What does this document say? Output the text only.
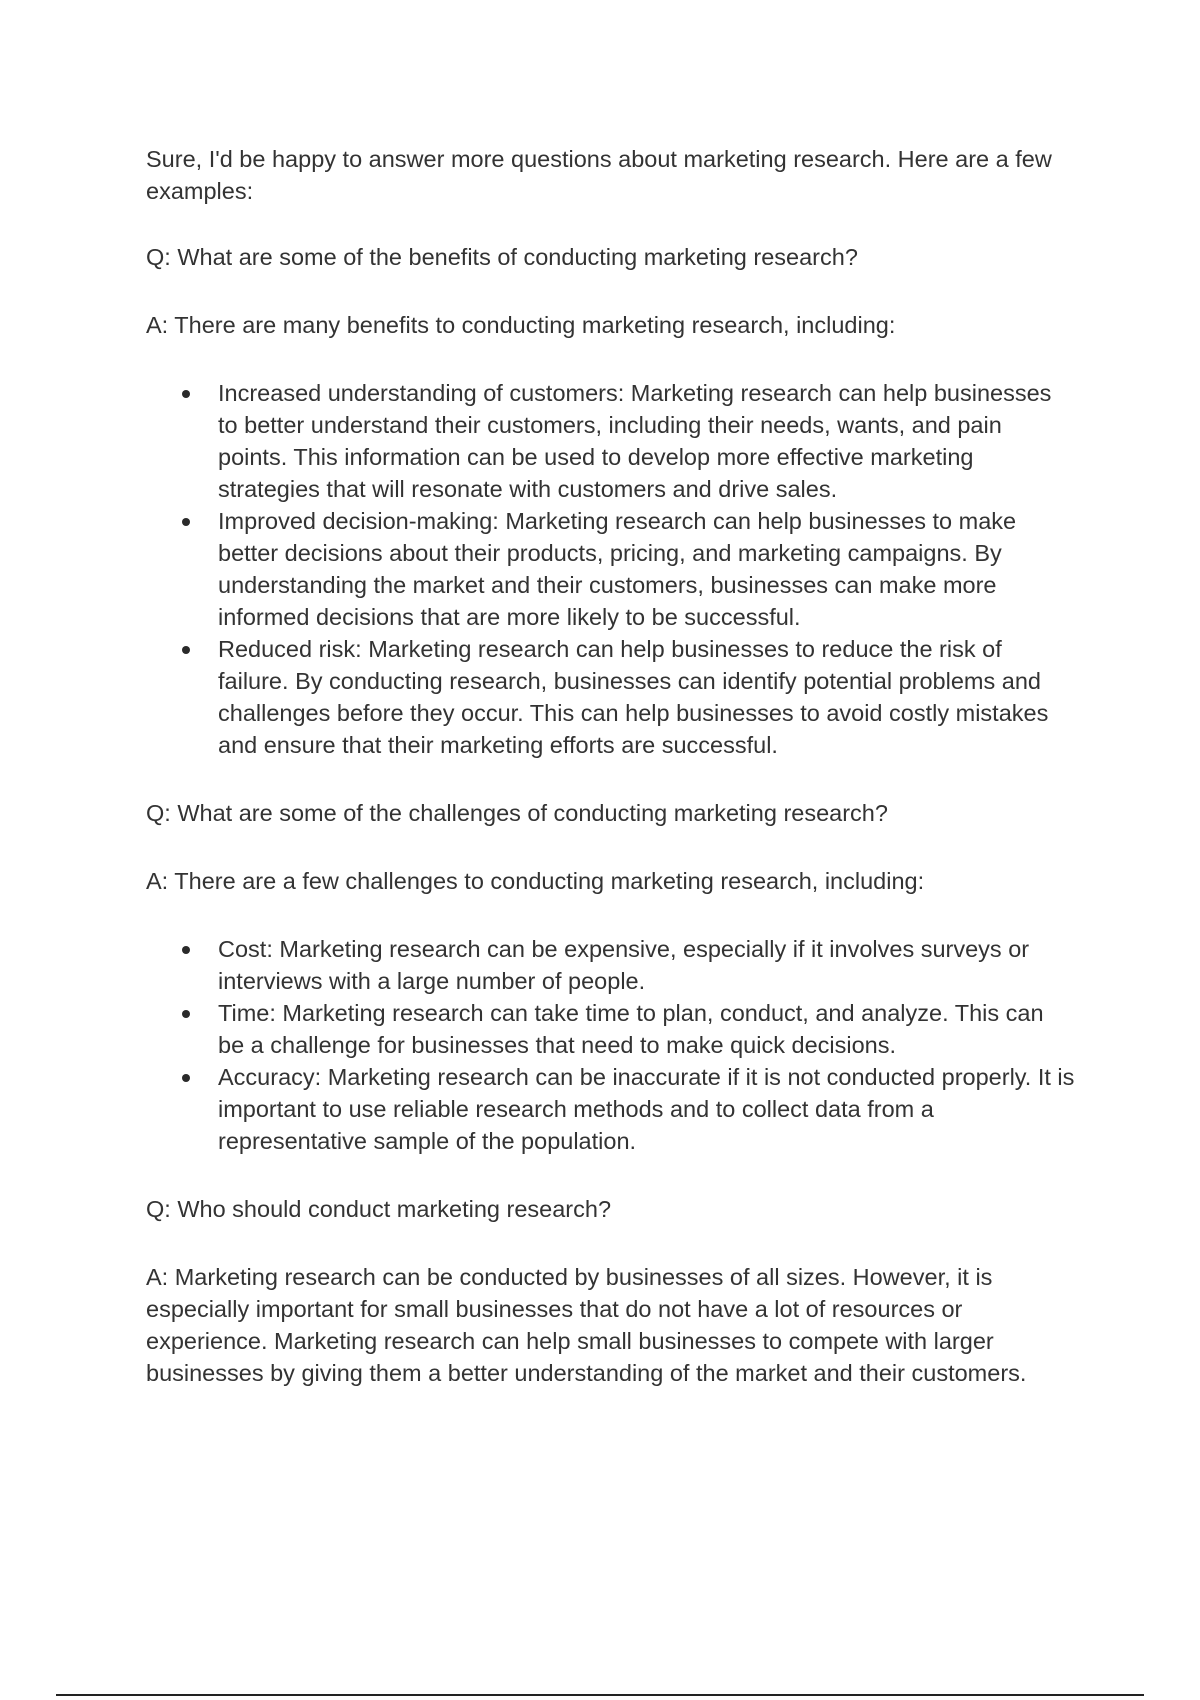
Sure, I'd be happy to answer more questions about marketing research. Here are a few examples:

Q: What are some of the benefits of conducting marketing research?

A: There are many benefits to conducting marketing research, including:

Increased understanding of customers: Marketing research can help businesses to better understand their customers, including their needs, wants, and pain points. This information can be used to develop more effective marketing strategies that will resonate with customers and drive sales.
Improved decision-making: Marketing research can help businesses to make better decisions about their products, pricing, and marketing campaigns. By understanding the market and their customers, businesses can make more informed decisions that are more likely to be successful.
Reduced risk: Marketing research can help businesses to reduce the risk of failure. By conducting research, businesses can identify potential problems and challenges before they occur. This can help businesses to avoid costly mistakes and ensure that their marketing efforts are successful.

Q: What are some of the challenges of conducting marketing research?

A: There are a few challenges to conducting marketing research, including:

Cost: Marketing research can be expensive, especially if it involves surveys or interviews with a large number of people.
Time: Marketing research can take time to plan, conduct, and analyze. This can be a challenge for businesses that need to make quick decisions.
Accuracy: Marketing research can be inaccurate if it is not conducted properly. It is important to use reliable research methods and to collect data from a representative sample of the population.

Q: Who should conduct marketing research?

A: Marketing research can be conducted by businesses of all sizes. However, it is especially important for small businesses that do not have a lot of resources or experience. Marketing research can help small businesses to compete with larger businesses by giving them a better understanding of the market and their customers.
